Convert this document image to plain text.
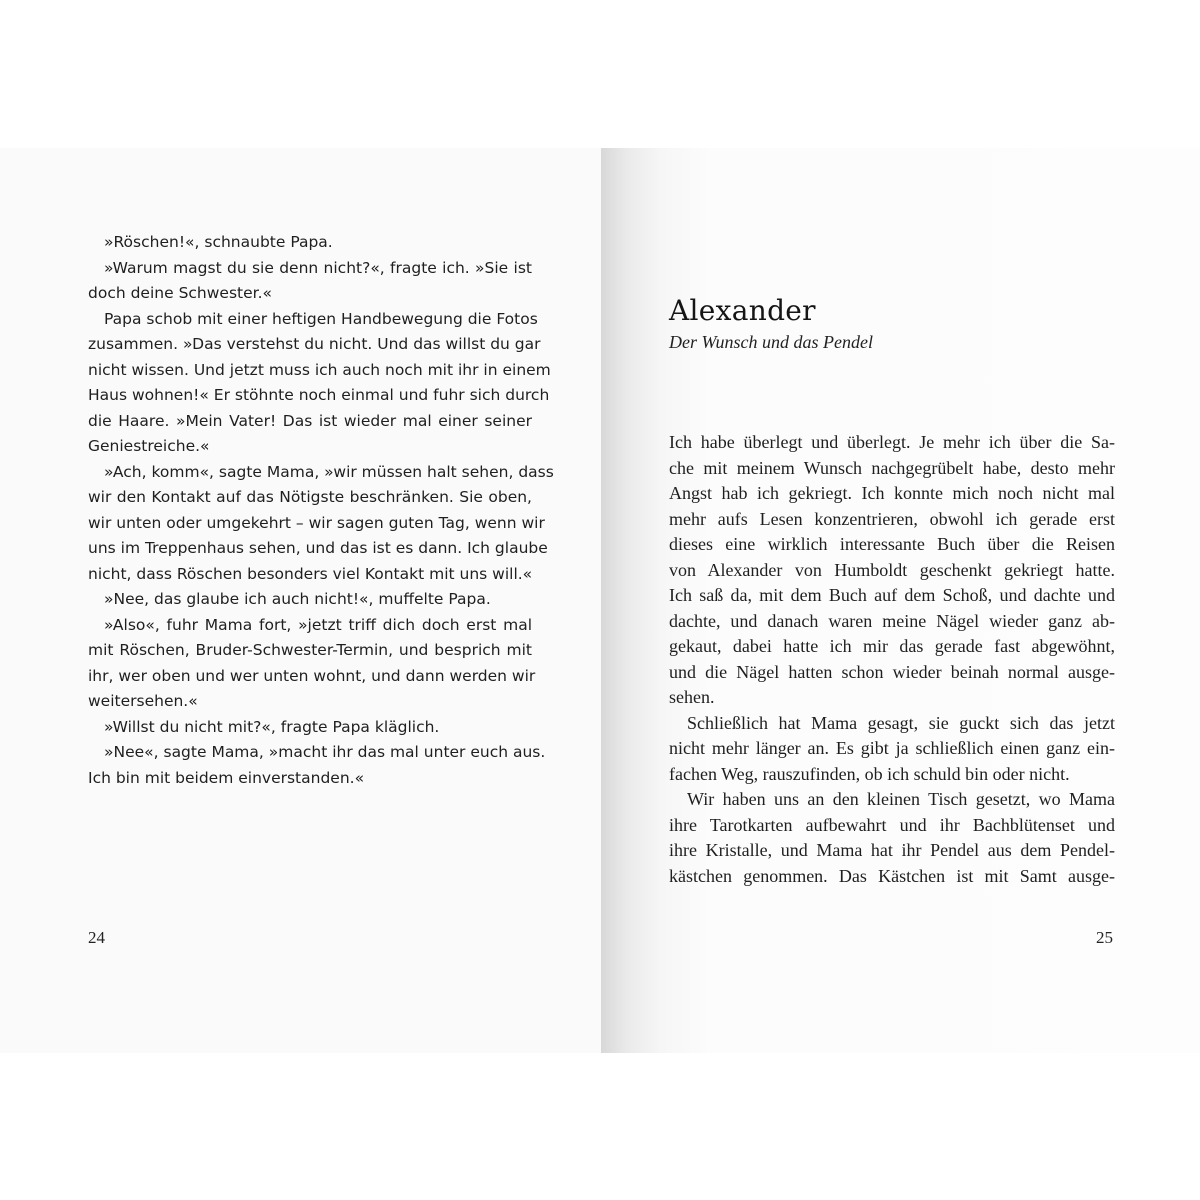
»Röschen!«, schnaubte Papa.
»Warum magst du sie denn nicht?«, fragte ich. »Sie ist
doch deine Schwester.«
Papa schob mit einer heftigen Handbewegung die Fotos
zusammen. »Das verstehst du nicht. Und das willst du gar
nicht wissen. Und jetzt muss ich auch noch mit ihr in einem
Haus wohnen!« Er stöhnte noch einmal und fuhr sich durch
die Haare. »Mein Vater! Das ist wieder mal einer seiner
Geniestreiche.«
»Ach, komm«, sagte Mama, »wir müssen halt sehen, dass
wir den Kontakt auf das Nötigste beschränken. Sie oben,
wir unten oder umgekehrt – wir sagen guten Tag, wenn wir
uns im Treppenhaus sehen, und das ist es dann. Ich glaube
nicht, dass Röschen besonders viel Kontakt mit uns will.«
»Nee, das glaube ich auch nicht!«, muffelte Papa.
»Also«, fuhr Mama fort, »jetzt triff dich doch erst mal
mit Röschen, Bruder-Schwester-Termin, und besprich mit
ihr, wer oben und wer unten wohnt, und dann werden wir
weitersehen.«
»Willst du nicht mit?«, fragte Papa kläglich.
»Nee«, sagte Mama, »macht ihr das mal unter euch aus.
Ich bin mit beidem einverstanden.«
24
Alexander
Der Wunsch und das Pendel
Ich habe überlegt und überlegt. Je mehr ich über die Sa-
che mit meinem Wunsch nachgegrübelt habe, desto mehr
Angst hab ich gekriegt. Ich konnte mich noch nicht mal
mehr aufs Lesen konzentrieren, obwohl ich gerade erst
dieses eine wirklich interessante Buch über die Reisen
von Alexander von Humboldt geschenkt gekriegt hatte.
Ich saß da, mit dem Buch auf dem Schoß, und dachte und
dachte, und danach waren meine Nägel wieder ganz ab-
gekaut, dabei hatte ich mir das gerade fast abgewöhnt,
und die Nägel hatten schon wieder beinah normal ausge-
sehen.
Schließlich hat Mama gesagt, sie guckt sich das jetzt
nicht mehr länger an. Es gibt ja schließlich einen ganz ein-
fachen Weg, rauszufinden, ob ich schuld bin oder nicht.
Wir haben uns an den kleinen Tisch gesetzt, wo Mama
ihre Tarotkarten aufbewahrt und ihr Bachblütenset und
ihre Kristalle, und Mama hat ihr Pendel aus dem Pendel-
kästchen genommen. Das Kästchen ist mit Samt ausge-
25
